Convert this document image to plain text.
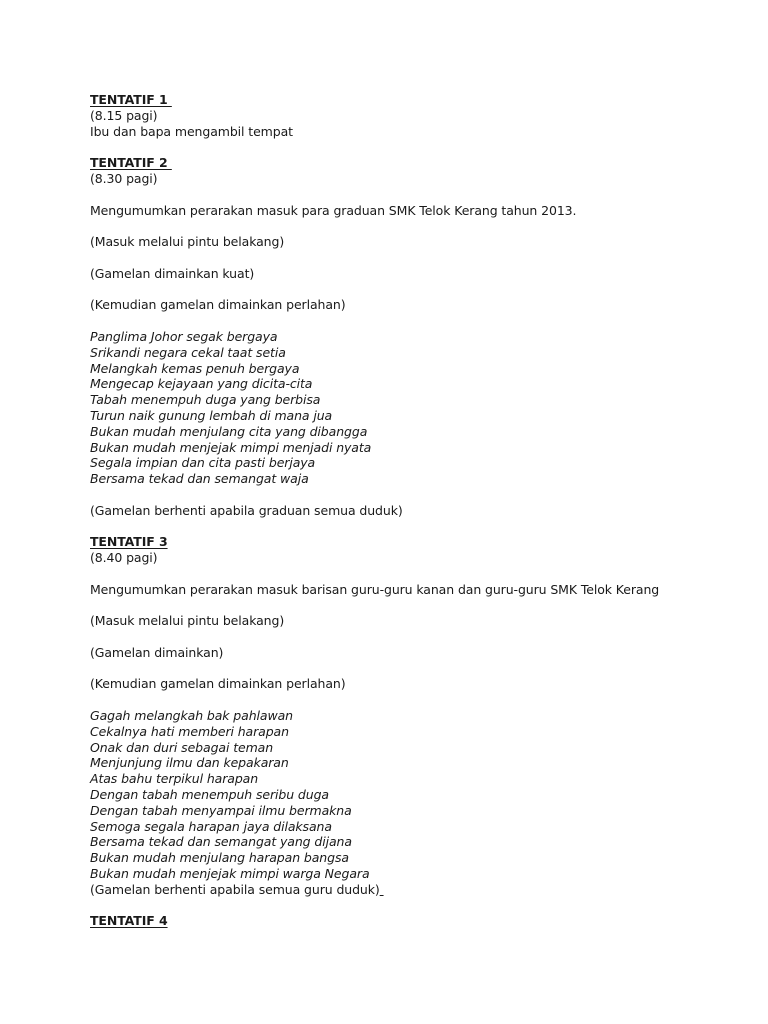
TENTATIF 1
(8.15 pagi)
Ibu dan bapa mengambil tempat
TENTATIF 2
(8.30 pagi)
Mengumumkan perarakan masuk para graduan SMK Telok Kerang tahun 2013.
(Masuk melalui pintu belakang)
(Gamelan dimainkan kuat)
(Kemudian gamelan dimainkan perlahan)
Panglima Johor segak bergaya
Srikandi negara cekal taat setia
Melangkah kemas penuh bergaya
Mengecap kejayaan yang dicita-cita
Tabah menempuh duga yang berbisa
Turun naik gunung lembah di mana jua
Bukan mudah menjulang cita yang dibangga
Bukan mudah menjejak mimpi menjadi nyata
Segala impian dan cita pasti berjaya
Bersama tekad dan semangat waja
(Gamelan berhenti apabila graduan semua duduk)
TENTATIF 3
(8.40 pagi)
Mengumumkan perarakan masuk barisan guru-guru kanan dan guru-guru SMK Telok Kerang
(Masuk melalui pintu belakang)
(Gamelan dimainkan)
(Kemudian gamelan dimainkan perlahan)
Gagah melangkah bak pahlawan
Cekalnya hati memberi harapan
Onak dan duri sebagai teman
Menjunjung ilmu dan kepakaran
Atas bahu terpikul harapan
Dengan tabah menempuh seribu duga
Dengan tabah menyampai ilmu bermakna
Semoga segala harapan jaya dilaksana
Bersama tekad dan semangat yang dijana
Bukan mudah menjulang harapan bangsa
Bukan mudah menjejak mimpi warga Negara
(Gamelan berhenti apabila semua guru duduk)
TENTATIF 4
